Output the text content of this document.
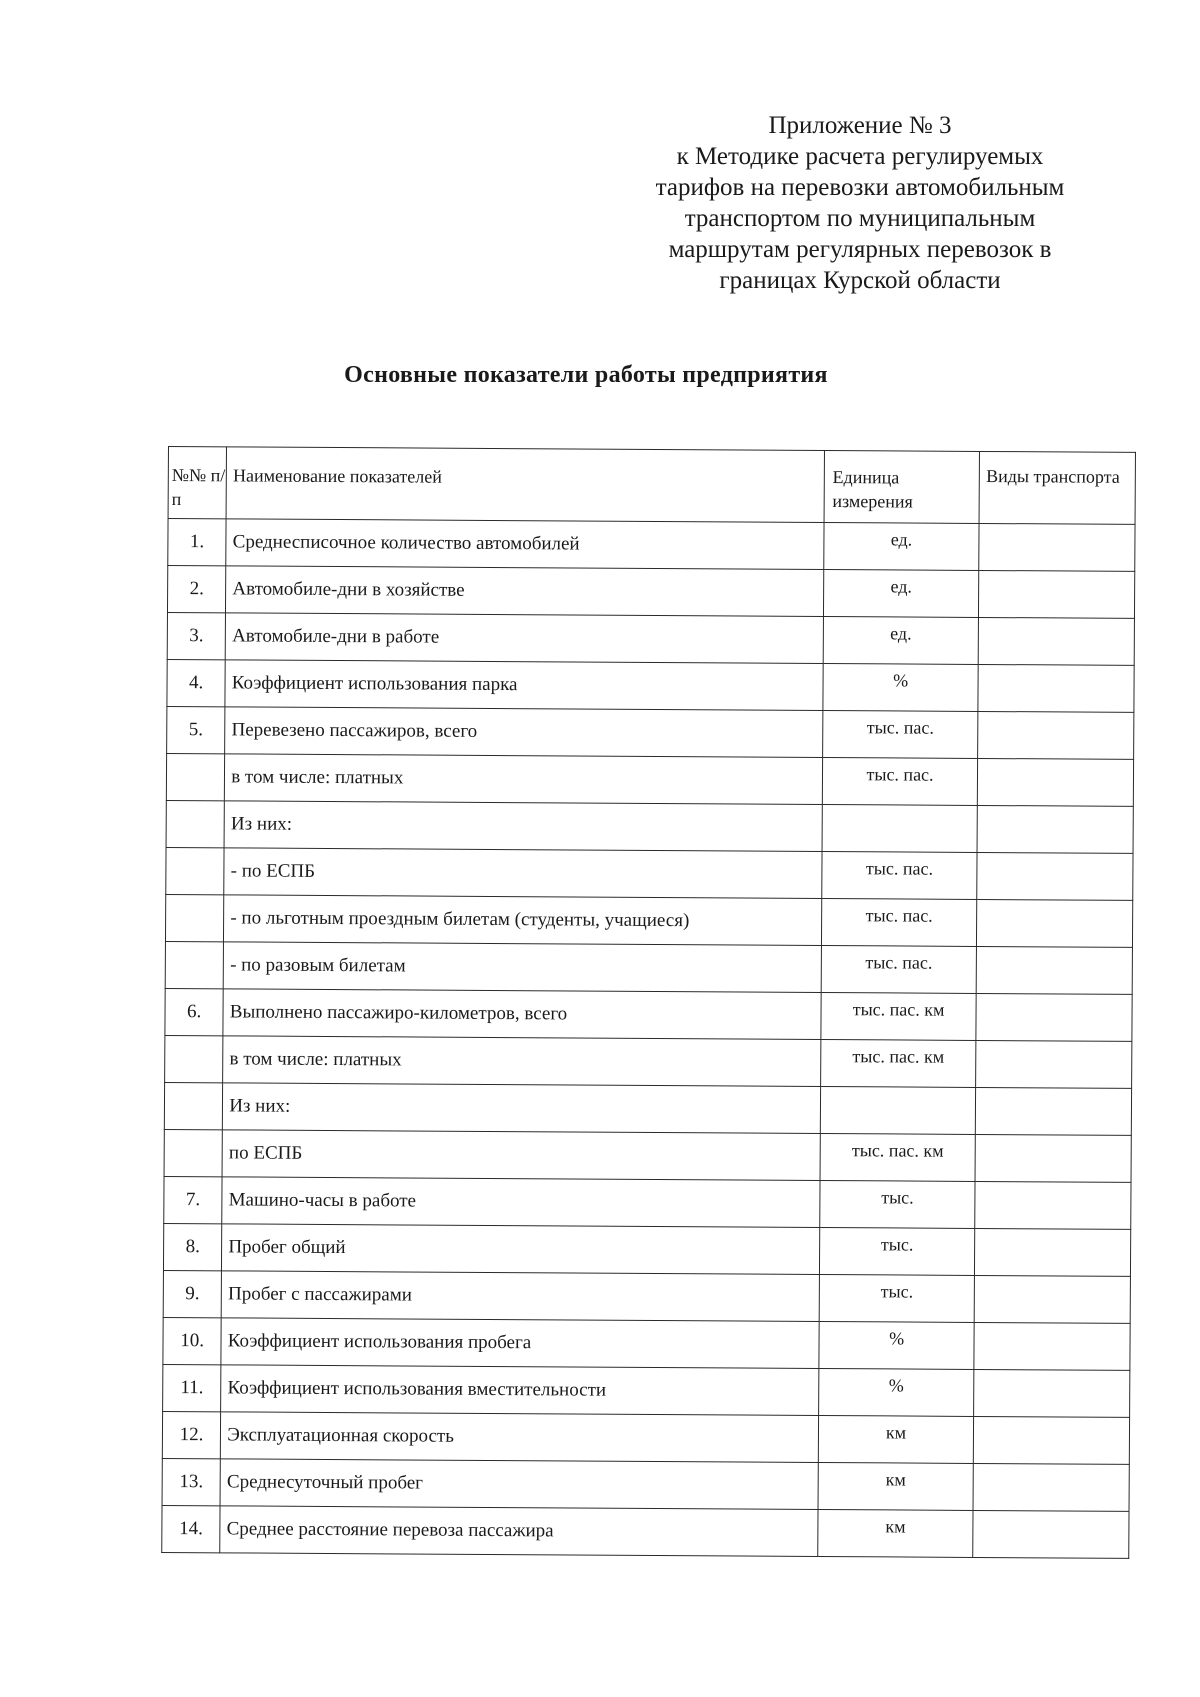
Приложение № 3
к Методике расчета регулируемых
тарифов на перевозки автомобильным
транспортом по муниципальным
маршрутам регулярных перевозок в
границах Курской области
Основные показатели работы предприятия
№№ п/п	Наименование показателей	Единица измерения	Виды транспорта
1.	Среднесписочное количество автомобилей	ед.	
2.	Автомобиле-дни в хозяйстве	ед.	
3.	Автомобиле-дни в работе	ед.	
4.	Коэффициент использования парка	%	
5.	Перевезено пассажиров, всего	тыс. пас.	
	в том числе: платных	тыс. пас.	
	Из них:		
	- по ЕСПБ	тыс. пас.	
	- по льготным проездным билетам (студенты, учащиеся)	тыс. пас.	
	- по разовым билетам	тыс. пас.	
6.	Выполнено пассажиро-километров, всего	тыс. пас. км	
	в том числе: платных	тыс. пас. км	
	Из них:		
	по ЕСПБ	тыс. пас. км	
7.	Машино-часы в работе	тыс.	
8.	Пробег общий	тыс.	
9.	Пробег с пассажирами	тыс.	
10.	Коэффициент использования пробега	%	
11.	Коэффициент использования вместительности	%	
12.	Эксплуатационная скорость	км	
13.	Среднесуточный пробег	км	
14.	Среднее расстояние перевоза пассажира	км	
